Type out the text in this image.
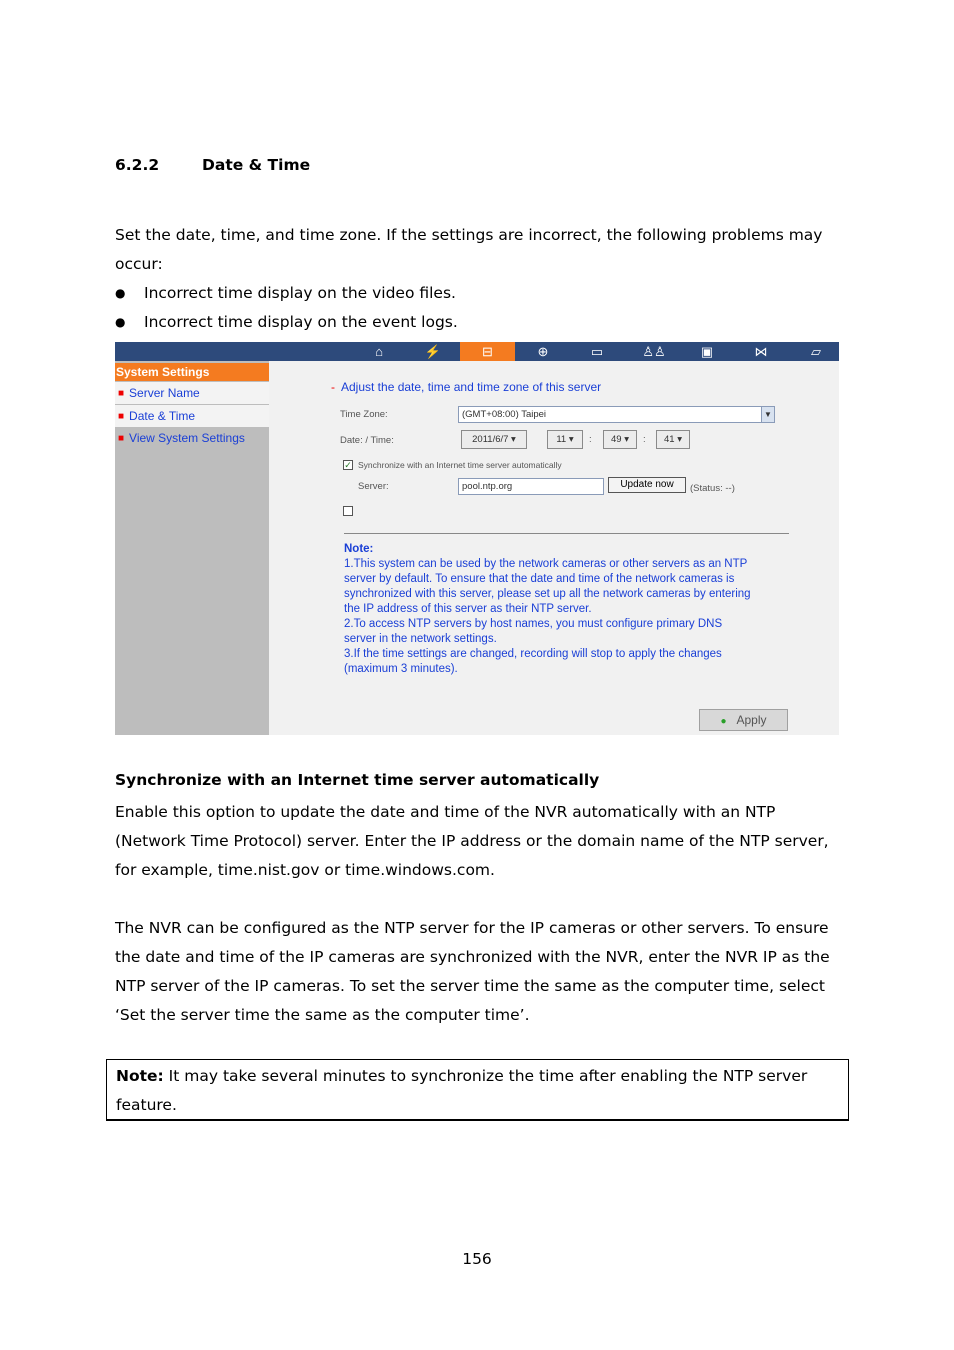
6.2.2	Date & Time

Set the date, time, and time zone. If the settings are incorrect, the following problems may occur:

● Incorrect time display on the video files.
● Incorrect time display on the event logs.
⌂	⚡	⊟	⊕	▭	♙♙	▣	⋈	▱
System Settings
■ Server Name
■ Date & Time
■ View System Settings
- Adjust the date, time and time zone of this server
Time Zone:	(GMT+08:00) Taipei	▼
Date: / Time:	2011/6/7 ▾	11 ▾	:	49 ▾	:	41 ▾
✓ Synchronize with an Internet time server automatically
Server:	pool.ntp.org	Update now	(Status: --)
Note:
1.This system can be used by the network cameras or other servers as an NTP
server by default. To ensure that the date and time of the network cameras is
synchronized with this server, please set up all the network cameras by entering
the IP address of this server as their NTP server.
2.To access NTP servers by host names, you must configure primary DNS
server in the network settings.
3.If the time settings are changed, recording will stop to apply the changes
(maximum 3 minutes).
● Apply
Synchronize with an Internet time server automatically

Enable this option to update the date and time of the NVR automatically with an NTP (Network Time Protocol) server. Enter the IP address or the domain name of the NTP server, for example, time.nist.gov or time.windows.com.

The NVR can be configured as the NTP server for the IP cameras or other servers. To ensure the date and time of the IP cameras are synchronized with the NVR, enter the NVR IP as the NTP server of the IP cameras. To set the server time the same as the computer time, select ‘Set the server time the same as the computer time’.

Note: It may take several minutes to synchronize the time after enabling the NTP server feature.
156
